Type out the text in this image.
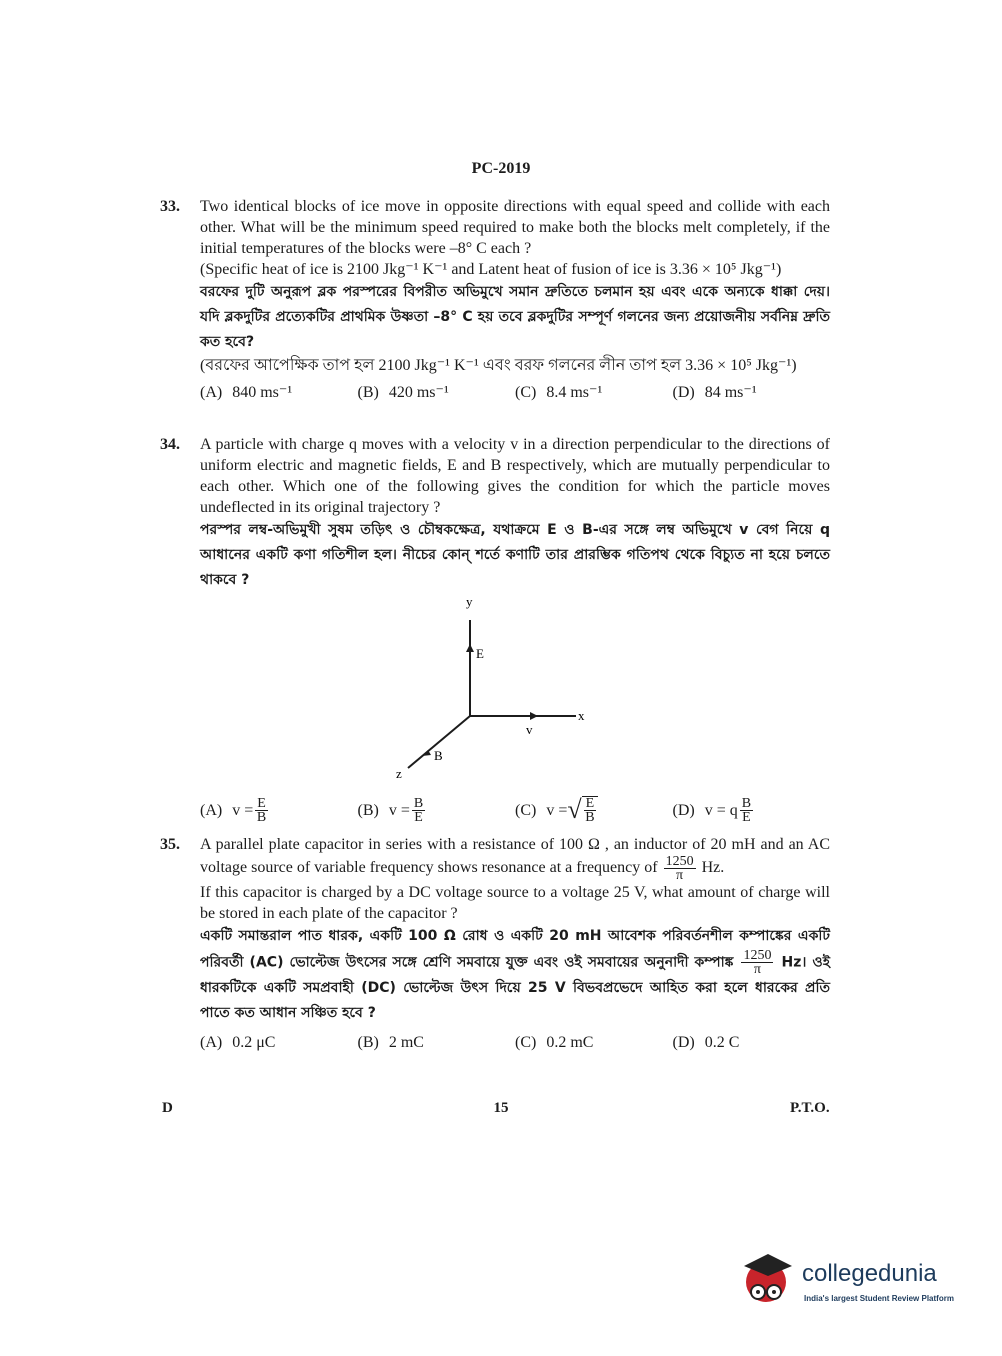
PC-2019
33. Two identical blocks of ice move in opposite directions with equal speed and collide with each other. What will be the minimum speed required to make both the blocks melt completely, if the initial temperatures of the blocks were –8° C each ?

(Specific heat of ice is 2100 Jkg⁻¹ K⁻¹ and Latent heat of fusion of ice is 3.36 × 10⁵ Jkg⁻¹)

বরফের দুটি অনুরূপ ব্লক পরস্পরের বিপরীত অভিমুখে সমান দ্রুতিতে চলমান হয় এবং একে অন্যকে ধাক্কা দেয়। যদি ব্লকদুটির প্রত্যেকটির প্রাথমিক উষ্ণতা –8° C হয় তবে ব্লকদুটির সম্পূর্ণ গলনের জন্য প্রয়োজনীয় সর্বনিম্ন দ্রুতি কত হবে?

(বরফের আপেক্ষিক তাপ হল 2100 Jkg⁻¹ K⁻¹ এবং বরফ গলনের লীন তাপ হল 3.36 × 10⁵ Jkg⁻¹)

(A) 840 ms⁻¹	(B) 420 ms⁻¹	(C) 8.4 ms⁻¹	(D) 84 ms⁻¹
34. A particle with charge q moves with a velocity v in a direction perpendicular to the directions of uniform electric and magnetic fields, E and B respectively, which are mutually perpendicular to each other. Which one of the following gives the condition for which the particle moves undeflected in its original trajectory ?

পরস্পর লম্ব-অভিমুখী সুষম তড়িৎ ও চৌম্বকক্ষেত্র, যথাক্রমে E ও B-এর সঙ্গে লম্ব অভিমুখে v বেগ নিয়ে q আধানের একটি কণা গতিশীল হল। নীচের কোন্ শর্তে কণাটি তার প্রারম্ভিক গতিপথ থেকে বিচ্যুত না হয়ে চলতে থাকবে ?

y
E
x
v
B
z
(A) $v = \frac{E}{B}$	(B) $v = \frac{B}{E}$	(C) v = √ $\frac{E}{B}$	(D) v = q $\frac{B}{E}$
35. A parallel plate capacitor in series with a resistance of 100 Ω , an inductor of 20 mH and an AC voltage source of variable frequency shows resonance at a frequency of $\frac{1250}{\pi} Hz$.

If this capacitor is charged by a DC voltage source to a voltage 25 V, what amount of charge will be stored in each plate of the capacitor ?

একটি সমান্তরাল পাত ধারক, একটি 100 Ω রোধ ও একটি 20 mH আবেশক পরিবর্তনশীল কম্পাঙ্কের একটি পরিবর্তী (AC) ভোল্টেজ উৎসের সঙ্গে শ্রেণি সমবায়ে যুক্ত এবং ওই সমবায়ের অনুনাদী কম্পাঙ্ক $\frac{1250}{\pi}$ Hz। ওই ধারকটিকে একটি সমপ্রবাহী (DC) ভোল্টেজ উৎস দিয়ে 25 V বিভবপ্রভেদে আহিত করা হলে ধারকের প্রতি পাতে কত আধান সঞ্চিত হবে ?

(A) 0.2 μC	(B) 2 mC	(C) 0.2 mC	(D) 0.2 C
D	15	P.T.O.
collegedunia
India's largest Student Review Platform
